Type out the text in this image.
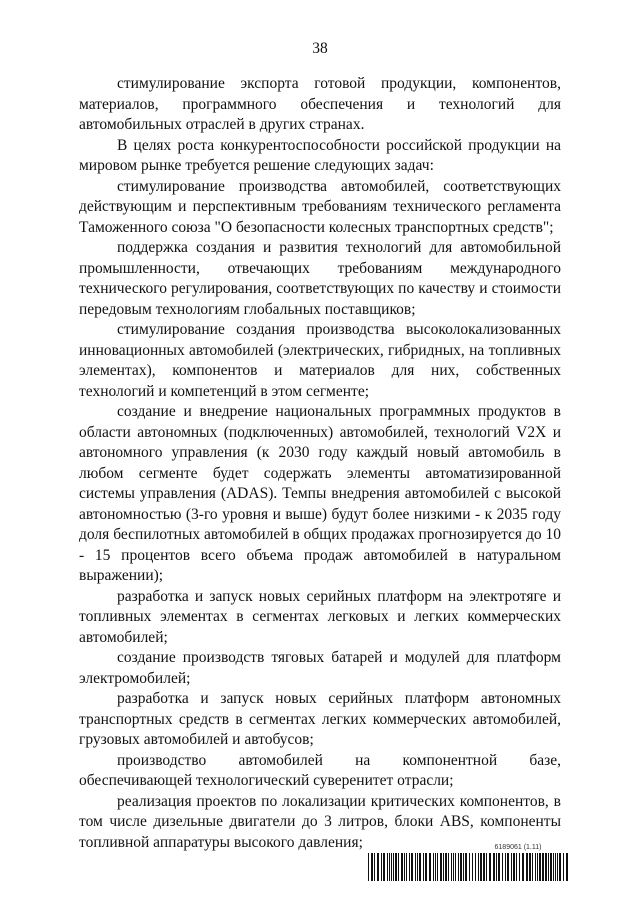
38

стимулирование экспорта готовой продукции, компонентов, материалов, программного обеспечения и технологий для автомобильных отраслей в других странах.

В целях роста конкурентоспособности российской продукции на мировом рынке требуется решение следующих задач:

стимулирование производства автомобилей, соответствующих действующим и перспективным требованиям технического регламента Таможенного союза "О безопасности колесных транспортных средств";

поддержка создания и развития технологий для автомобильной промышленности, отвечающих требованиям международного технического регулирования, соответствующих по качеству и стоимости передовым технологиям глобальных поставщиков;

стимулирование создания производства высоколокализованных инновационных автомобилей (электрических, гибридных, на топливных элементах), компонентов и материалов для них, собственных технологий и компетенций в этом сегменте;

создание и внедрение национальных программных продуктов в области автономных (подключенных) автомобилей, технологий V2X и автономного управления (к 2030 году каждый новый автомобиль в любом сегменте будет содержать элементы автоматизированной системы управления (ADAS). Темпы внедрения автомобилей с высокой автономностью (3-го уровня и выше) будут более низкими - к 2035 году доля беспилотных автомобилей в общих продажах прогнозируется до 10 - 15 процентов всего объема продаж автомобилей в натуральном выражении);

разработка и запуск новых серийных платформ на электротяге и топливных элементах в сегментах легковых и легких коммерческих автомобилей;

создание производств тяговых батарей и модулей для платформ электромобилей;

разработка и запуск новых серийных платформ автономных транспортных средств в сегментах легких коммерческих автомобилей, грузовых автомобилей и автобусов;

производство автомобилей на компонентной базе, обеспечивающей технологический суверенитет отрасли;

реализация проектов по локализации критических компонентов, в том числе дизельные двигатели до 3 литров, блоки ABS, компоненты топливной аппаратуры высокого давления;	6189061 (1.11)
